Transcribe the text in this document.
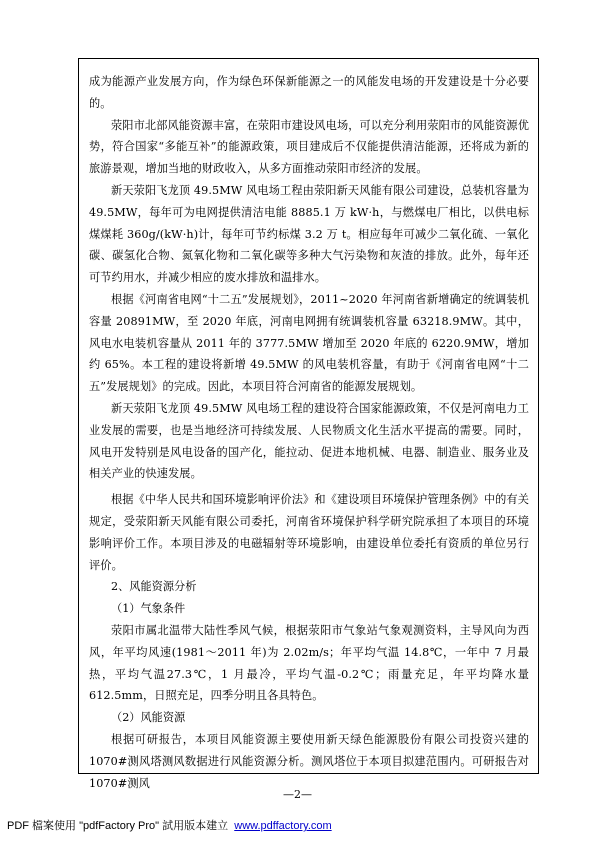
成为能源产业发展方向，作为绿色环保新能源之一的风能发电场的开发建设是十分必要的。

荥阳市北部风能资源丰富，在荥阳市建设风电场，可以充分利用荥阳市的风能资源优势，符合国家“多能互补”的能源政策，项目建成后不仅能提供清洁能源，还将成为新的旅游景观，增加当地的财政收入，从多方面推动荥阳市经济的发展。

新天荥阳飞龙顶 49.5MW 风电场工程由荥阳新天风能有限公司建设，总装机容量为49.5MW，每年可为电网提供清洁电能 8885.1 万 kW·h，与燃煤电厂相比，以供电标煤煤耗 360g/(kW·h)计，每年可节约标煤 3.2 万 t。相应每年可减少二氧化硫、一氧化碳、碳氢化合物、氮氧化物和二氧化碳等多种大气污染物和灰渣的排放。此外，每年还可节约用水，并减少相应的废水排放和温排水。

根据《河南省电网“十二五”发展规划》，2011~2020 年河南省新增确定的统调装机容量 20891MW，至 2020 年底，河南电网拥有统调装机容量 63218.9MW。其中，风电水电装机容量从 2011 年的 3777.5MW 增加至 2020 年底的 6220.9MW，增加约 65%。本工程的建设将新增 49.5MW 的风电装机容量，有助于《河南省电网“十二五”发展规划》的完成。因此，本项目符合河南省的能源发展规划。

新天荥阳飞龙顶 49.5MW 风电场工程的建设符合国家能源政策，不仅是河南电力工业发展的需要，也是当地经济可持续发展、人民物质文化生活水平提高的需要。同时，风电开发特别是风电设备的国产化，能拉动、促进本地机械、电器、制造业、服务业及相关产业的快速发展。

根据《中华人民共和国环境影响评价法》和《建设项目环境保护管理条例》中的有关规定，受荥阳新天风能有限公司委托，河南省环境保护科学研究院承担了本项目的环境影响评价工作。本项目涉及的电磁辐射等环境影响，由建设单位委托有资质的单位另行评价。

2、风能资源分析

（1）气象条件

荥阳市属北温带大陆性季风气候，根据荥阳市气象站气象观测资料，主导风向为西风，年平均风速(1981～2011 年)为 2.02m/s；年平均气温 14.8℃，一年中 7 月最热，平均气温27.3℃，1 月最冷，平均气温-0.2℃；雨量充足，年平均降水量 612.5mm，日照充足，四季分明且各具特色。

（2）风能资源

根据可研报告，本项目风能资源主要使用新天绿色能源股份有限公司投资兴建的1070#测风塔测风数据进行风能资源分析。测风塔位于本项目拟建范围内。可研报告对1070#测风

—2—
PDF 檔案使用 "pdfFactory Pro" 試用版本建立 www.pdffactory.com
